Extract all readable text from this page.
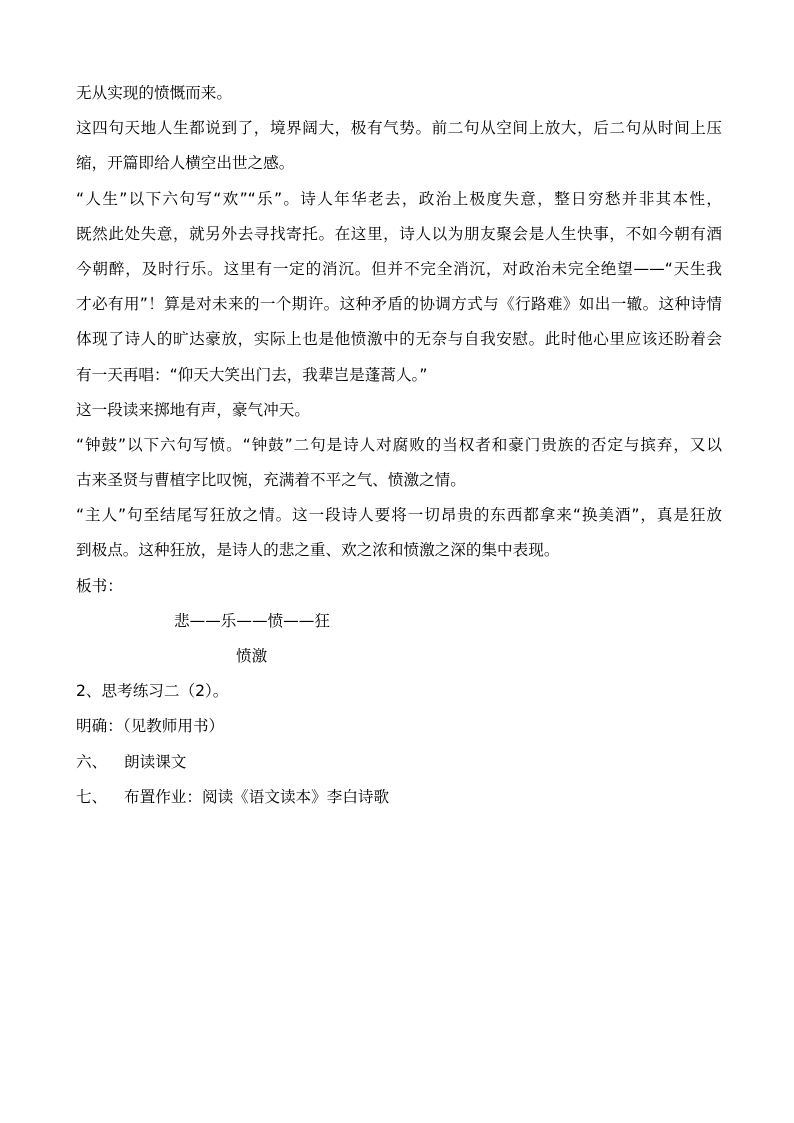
无从实现的愤慨而来。
这四句天地人生都说到了，境界阔大，极有气势。前二句从空间上放大，后二句从时间上压
缩，开篇即给人横空出世之感。
“人生”以下六句写“欢”“乐”。诗人年华老去，政治上极度失意，整日穷愁并非其本性，
既然此处失意，就另外去寻找寄托。在这里，诗人以为朋友聚会是人生快事，不如今朝有酒
今朝醉，及时行乐。这里有一定的消沉。但并不完全消沉，对政治未完全绝望——“天生我
才必有用”！算是对未来的一个期许。这种矛盾的协调方式与《行路难》如出一辙。这种诗情
体现了诗人的旷达豪放，实际上也是他愤激中的无奈与自我安慰。此时他心里应该还盼着会
有一天再唱：“仰天大笑出门去，我辈岂是蓬蒿人。”
这一段读来掷地有声，豪气冲天。
“钟鼓”以下六句写愤。“钟鼓”二句是诗人对腐败的当权者和豪门贵族的否定与摈弃，又以
古来圣贤与曹植字比叹惋，充满着不平之气、愤激之情。
“主人”句至结尾写狂放之情。这一段诗人要将一切昂贵的东西都拿来“换美酒”，真是狂放
到极点。这种狂放，是诗人的悲之重、欢之浓和愤激之深的集中表现。
板书：
悲——乐——愤——狂
愤激
2、思考练习二（2）。
明确：（见教师用书）
六、 朗读课文
七、 布置作业：阅读《语文读本》李白诗歌
